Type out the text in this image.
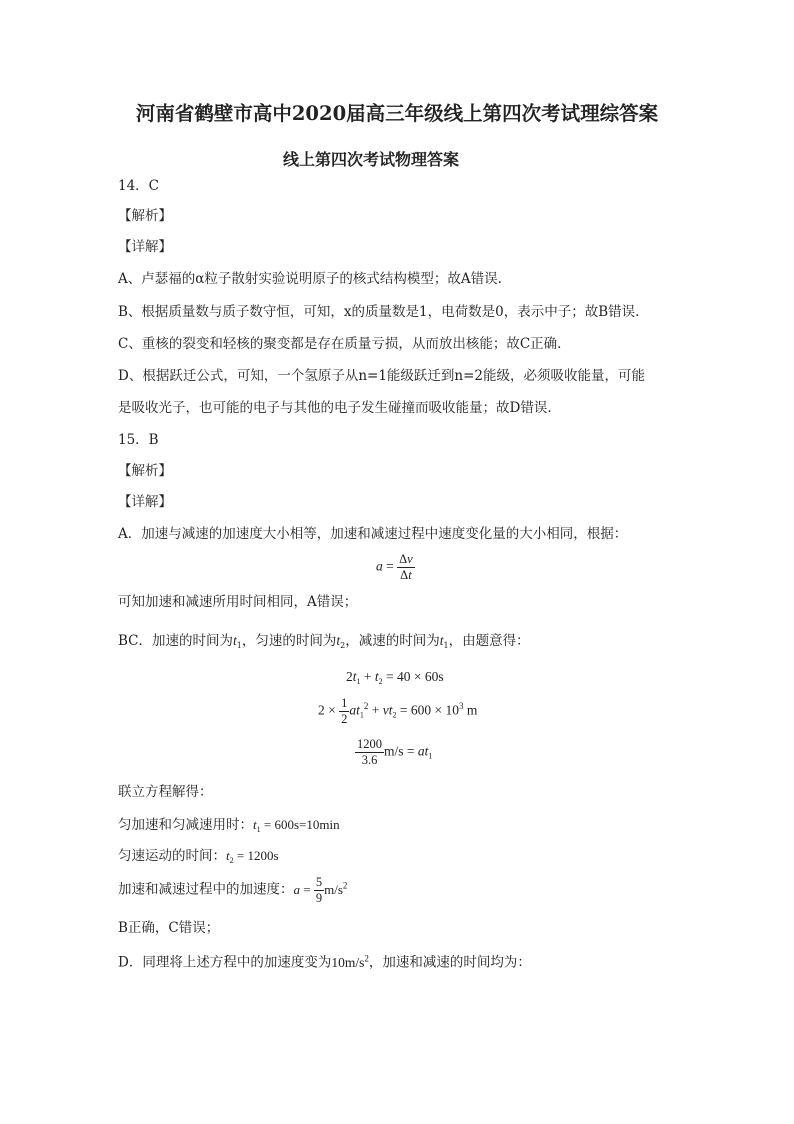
河南省鹤壁市高中2020届高三年级线上第四次考试理综答案
线上第四次考试物理答案
14．C
【解析】
【详解】
A、卢瑟福的α粒子散射实验说明原子的核式结构模型；故A错误.
B、根据质量数与质子数守恒，可知，x的质量数是1，电荷数是0，表示中子；故B错误.
C、重核的裂变和轻核的聚变都是存在质量亏损，从而放出核能；故C正确.
D、根据跃迁公式，可知，一个氢原子从n=1能级跃迁到n=2能级，必须吸收能量，可能
是吸收光子，也可能的电子与其他的电子发生碰撞而吸收能量；故D错误.
15．B
【解析】
【详解】
A．加速与减速的加速度大小相等，加速和减速过程中速度变化量的大小相同，根据：
$a = \frac{\Delta v}{\Delta t}$
可知加速和减速所用时间相同，A错误；
BC．加速的时间为$t_1$，匀速的时间为$t_2$，减速的时间为$t_1$，由题意得：
$2t_1 + t_2 = 40 \times 60s$
$2 \times \frac{1}{2} at_1^2 + vt_2 = 600 \times 10^3$ m
$\frac{1200}{3.6} m/s = at_1$
联立方程解得：
匀加速和匀减速用时：$t_1 = 600s=10\min$
匀速运动的时间：$t_2 = 1200s$
加速和减速过程中的加速度：$a = \frac{5}{9} m/s^2$
B正确，C错误；
D．同理将上述方程中的加速度变为$10m/s^2$，加速和减速的时间均为：
